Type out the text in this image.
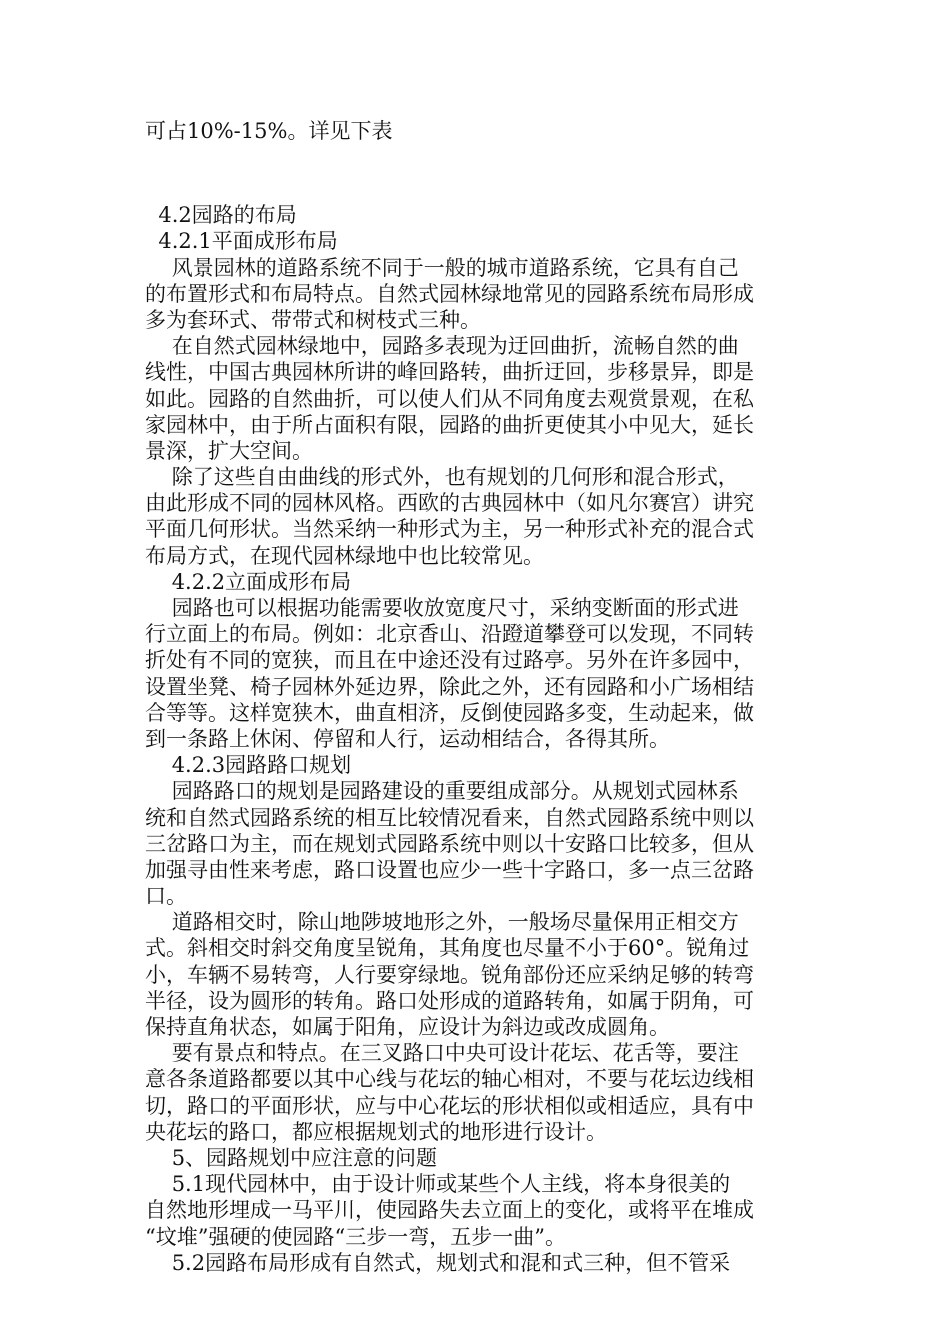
可占10%-15%。详见下表
4.2园路的布局
4.2.1平面成形布局
风景园林的道路系统不同于一般的城市道路系统，它具有自己
的布置形式和布局特点。自然式园林绿地常见的园路系统布局形成
多为套环式、带带式和树枝式三种。
在自然式园林绿地中，园路多表现为迂回曲折，流畅自然的曲
线性，中国古典园林所讲的峰回路转，曲折迂回，步移景异，即是
如此。园路的自然曲折，可以使人们从不同角度去观赏景观，在私
家园林中，由于所占面积有限，园路的曲折更使其小中见大，延长
景深，扩大空间。
除了这些自由曲线的形式外，也有规划的几何形和混合形式，
由此形成不同的园林风格。西欧的古典园林中（如凡尔赛宫）讲究
平面几何形状。当然采纳一种形式为主，另一种形式补充的混合式
布局方式，在现代园林绿地中也比较常见。
4.2.2立面成形布局
园路也可以根据功能需要收放宽度尺寸，采纳变断面的形式进
行立面上的布局。例如：北京香山、沿蹬道攀登可以发现，不同转
折处有不同的宽狭，而且在中途还没有过路亭。另外在许多园中，
设置坐凳、椅子园林外延边界，除此之外，还有园路和小广场相结
合等等。这样宽狭木，曲直相济，反倒使园路多变，生动起来，做
到一条路上休闲、停留和人行，运动相结合，各得其所。
4.2.3园路路口规划
园路路口的规划是园路建设的重要组成部分。从规划式园林系
统和自然式园路系统的相互比较情况看来，自然式园路系统中则以
三岔路口为主，而在规划式园路系统中则以十安路口比较多，但从
加强寻由性来考虑，路口设置也应少一些十字路口，多一点三岔路
口。
道路相交时，除山地陟坡地形之外，一般场尽量保用正相交方
式。斜相交时斜交角度呈锐角，其角度也尽量不小于60°。锐角过
小，车辆不易转弯，人行要穿绿地。锐角部份还应采纳足够的转弯
半径，设为圆形的转角。路口处形成的道路转角，如属于阴角，可
保持直角状态，如属于阳角，应设计为斜边或改成圆角。
要有景点和特点。在三叉路口中央可设计花坛、花舌等，要注
意各条道路都要以其中心线与花坛的轴心相对，不要与花坛边线相
切，路口的平面形状，应与中心花坛的形状相似或相适应，具有中
央花坛的路口，都应根据规划式的地形进行设计。
5、园路规划中应注意的问题
5.1现代园林中，由于设计师或某些个人主线，将本身很美的
自然地形埋成一马平川，使园路失去立面上的变化，或将平在堆成
“坟堆”强硬的使园路“三步一弯，五步一曲”。
5.2园路布局形成有自然式，规划式和混和式三种，但不管采
